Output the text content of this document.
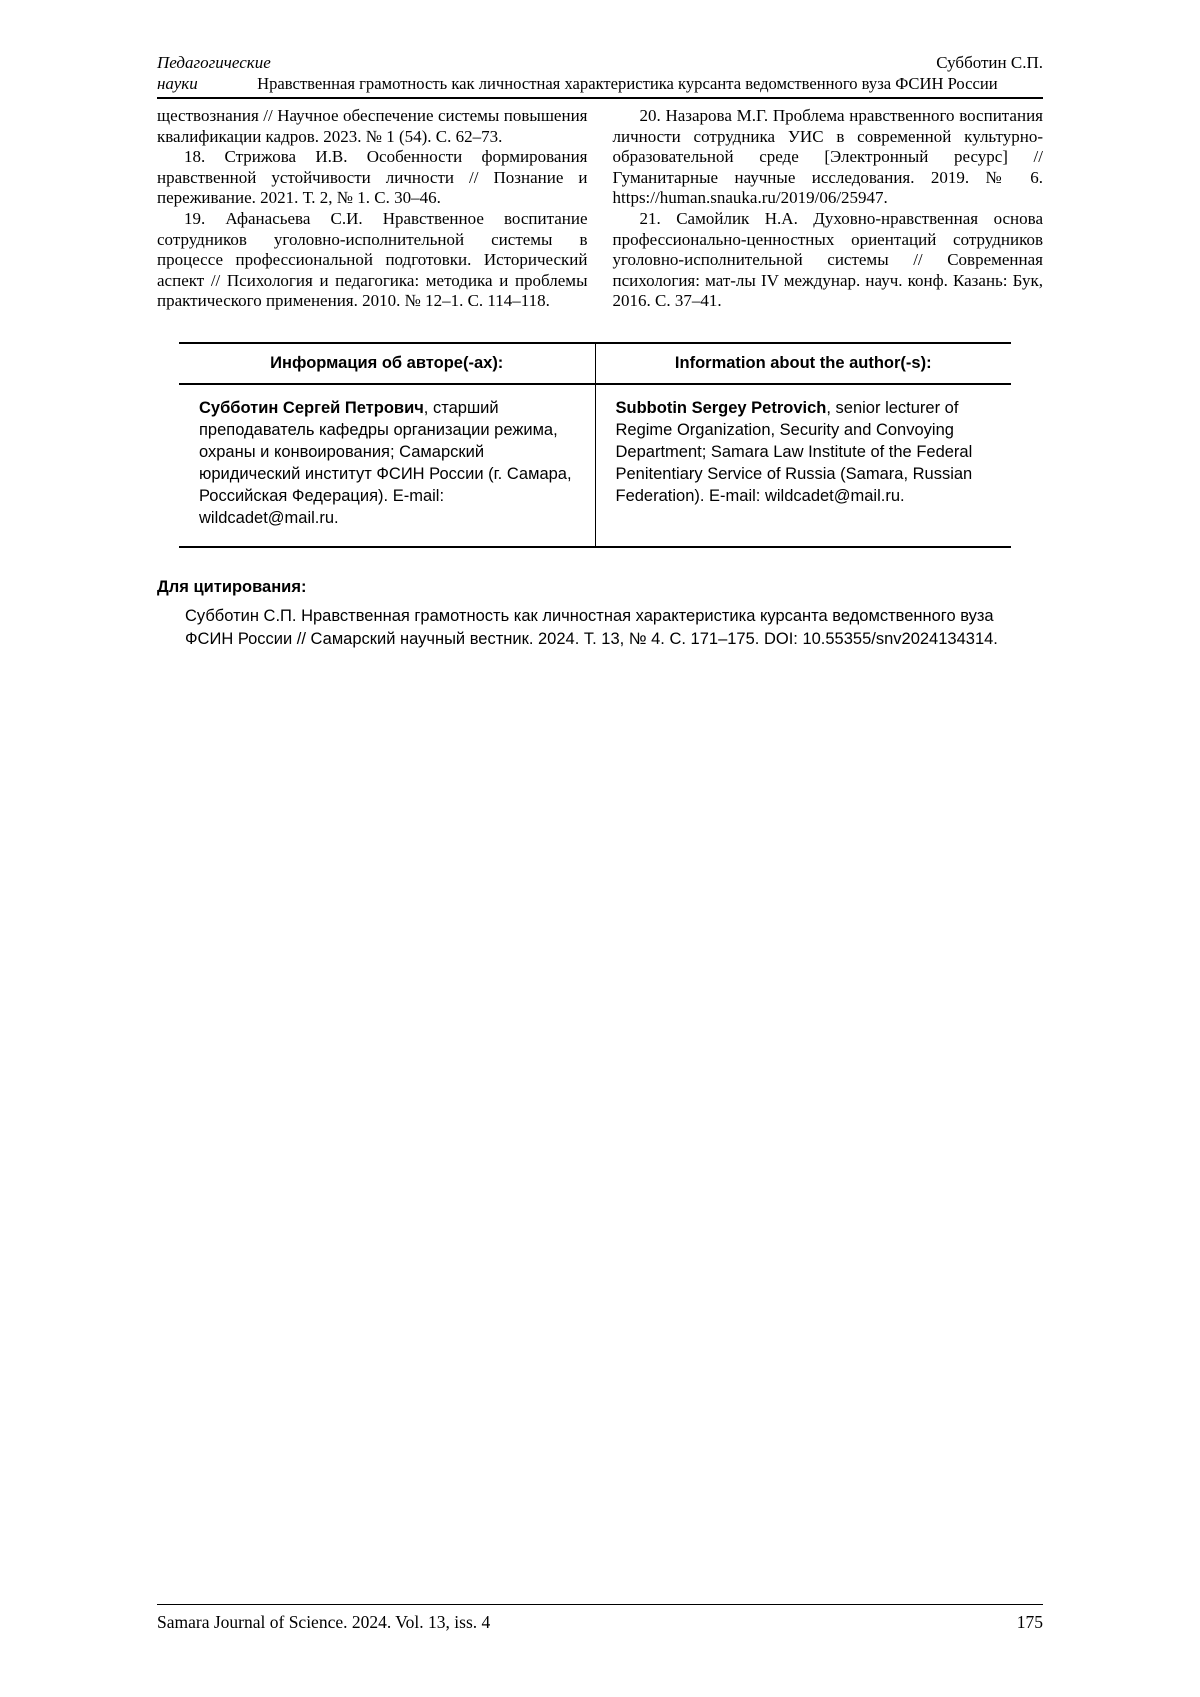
Педагогические	Субботин С.П.
науки	Нравственная грамотность как личностная характеристика курсанта ведомственного вуза ФСИН России

ществознания // Научное обеспечение системы повышения квалификации кадров. 2023. № 1 (54). С. 62–73.

18. Стрижова И.В. Особенности формирования нравственной устойчивости личности // Познание и переживание. 2021. Т. 2, № 1. С. 30–46.

19. Афанасьева С.И. Нравственное воспитание сотрудников уголовно-исполнительной системы в процессе профессиональной подготовки. Исторический аспект // Психология и педагогика: методика и проблемы практического применения. 2010. № 12–1. С. 114–118.

20. Назарова М.Г. Проблема нравственного воспитания личности сотрудника УИС в современной культурно-образовательной среде [Электронный ресурс] // Гуманитарные научные исследования. 2019. № 6. https://human.snauka.ru/2019/06/25947.

21. Самойлик Н.А. Духовно-нравственная основа профессионально-ценностных ориентаций сотрудников уголовно-исполнительной системы // Современная психология: мат-лы IV междунар. науч. конф. Казань: Бук, 2016. С. 37–41.

Информация об авторе(-ах):	Information about the author(-s):
Субботин Сергей Петрович, старший преподаватель кафедры организации режима, охраны и конвоирования; Самарский юридический институт ФСИН России (г. Самара, Российская Федерация). E-mail: wildcadet@mail.ru.	Subbotin Sergey Petrovich, senior lecturer of Regime Organization, Security and Convoying Department; Samara Law Institute of the Federal Penitentiary Service of Russia (Samara, Russian Federation). E-mail: wildcadet@mail.ru.
Для цитирования:

Субботин С.П. Нравственная грамотность как личностная характеристика курсанта ведомственного вуза ФСИН России // Самарский научный вестник. 2024. Т. 13, № 4. С. 171–175. DOI: 10.55355/snv2024134314.

Samara Journal of Science. 2024. Vol. 13, iss. 4	175
